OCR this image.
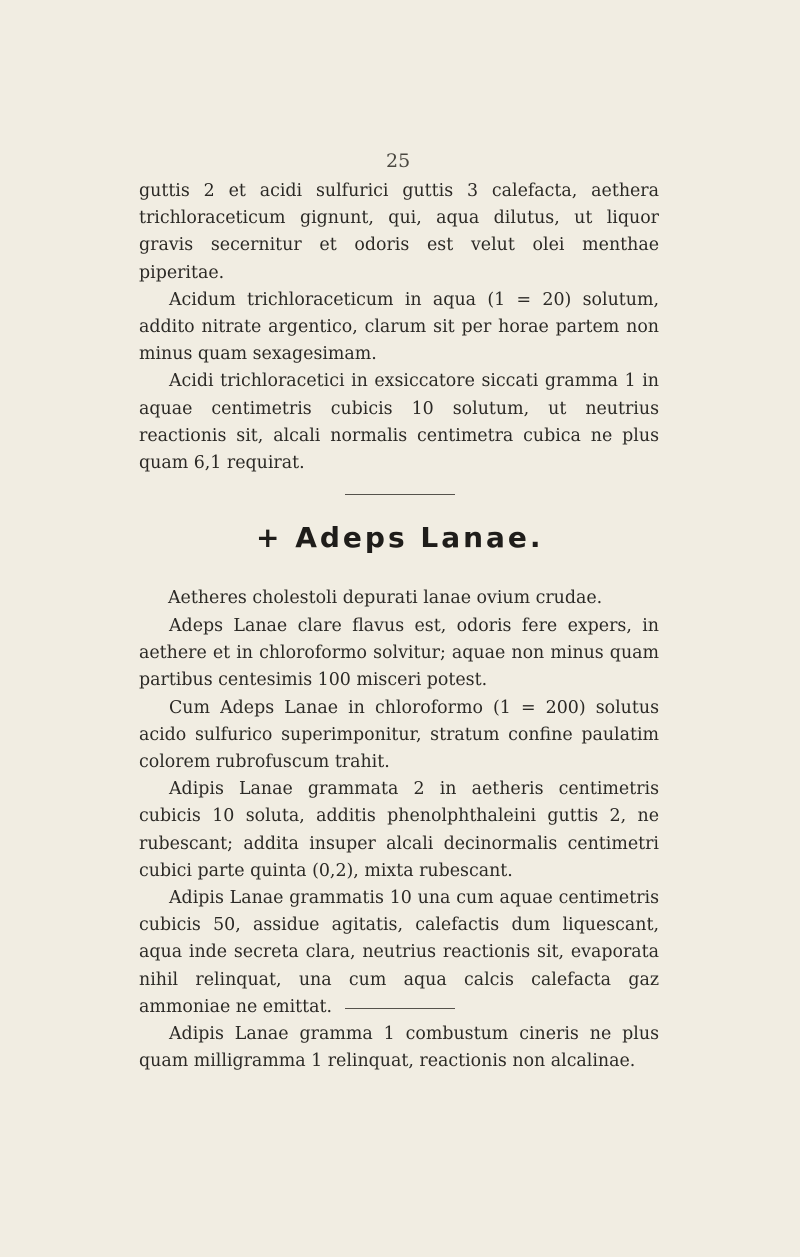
25

guttis 2 et acidi sulfurici guttis 3 calefacta, aethera trichloraceticum gignunt, qui, aqua dilutus, ut liquor gravis secernitur et odoris est velut olei menthae piperitae.

Acidum trichloraceticum in aqua (1 = 20) solutum, addito nitrate argentico, clarum sit per horae partem non minus quam sexagesimam.

Acidi trichloracetici in exsiccatore siccati gramma 1 in aquae centimetris cubicis 10 solutum, ut neutrius reactionis sit, alcali normalis centimetra cubica ne plus quam 6,1 requirat.

+ Adeps Lanae.
Aetheres cholestoli depurati lanae ovium crudae.

Adeps Lanae clare flavus est, odoris fere expers, in aethere et in chloroformo solvitur; aquae non minus quam partibus centesimis 100 misceri potest.

Cum Adeps Lanae in chloroformo (1 = 200) solutus acido sulfurico superimponitur, stratum confine paulatim colorem rubrofuscum trahit.

Adipis Lanae grammata 2 in aetheris centimetris cubicis 10 soluta, additis phenolphthaleini guttis 2, ne rubescant; addita insuper alcali decinormalis centimetri cubici parte quinta (0,2), mixta rubescant.

Adipis Lanae grammatis 10 una cum aquae centimetris cubicis 50, assidue agitatis, calefactis dum liquescant, aqua inde secreta clara, neutrius reactionis sit, evaporata nihil relinquat, una cum aqua calcis calefacta gaz ammoniae ne emittat.

Adipis Lanae gramma 1 combustum cineris ne plus quam milligramma 1 relinquat, reactionis non alcalinae.
